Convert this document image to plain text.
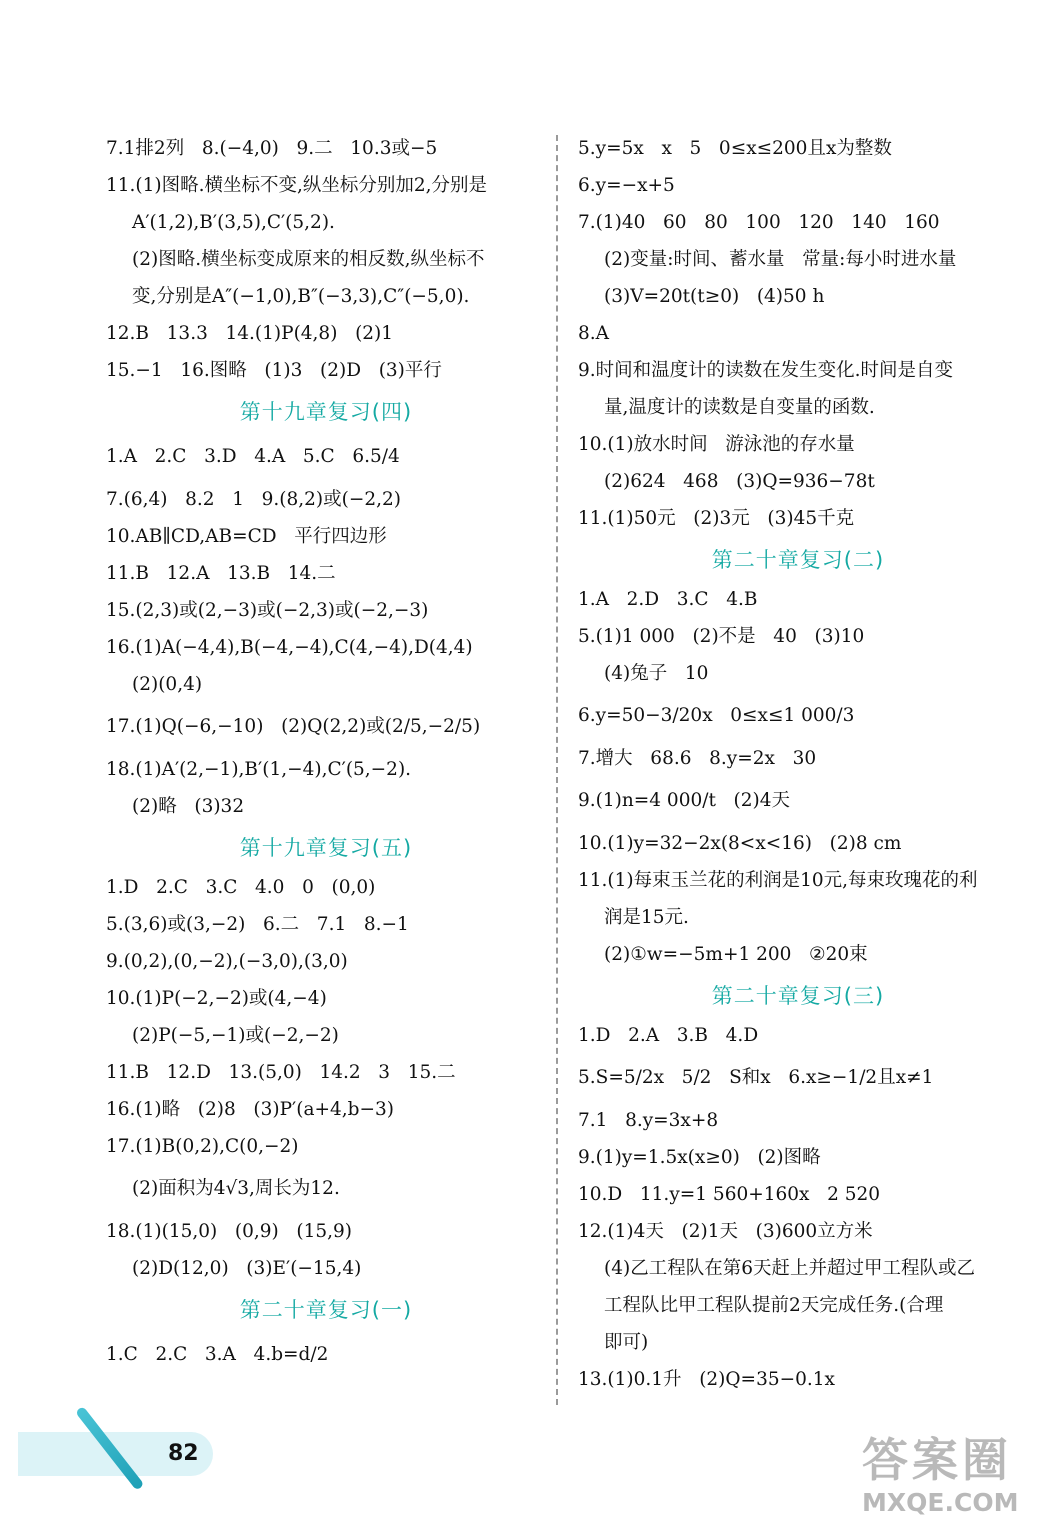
7.1排2列   8.(−4,0)   9.二   10.3或−5
11.(1)图略.横坐标不变,纵坐标分别加2,分别是
A′(1,2),B′(3,5),C′(5,2).
(2)图略.横坐标变成原来的相反数,纵坐标不
变,分别是A″(−1,0),B″(−3,3),C″(−5,0).
12.B   13.3   14.(1)P(4,8)   (2)1
15.−1   16.图略   (1)3   (2)D   (3)平行
第十九章复习(四)
1.A   2.C   3.D   4.A   5.C   6.5/4
7.(6,4)   8.2   1   9.(8,2)或(−2,2)
10.AB∥CD,AB=CD   平行四边形
11.B   12.A   13.B   14.二
15.(2,3)或(2,−3)或(−2,3)或(−2,−3)
16.(1)A(−4,4),B(−4,−4),C(4,−4),D(4,4)
(2)(0,4)
17.(1)Q(−6,−10)   (2)Q(2,2)或(2/5,−2/5)
18.(1)A′(2,−1),B′(1,−4),C′(5,−2).
(2)略   (3)32
第十九章复习(五)
1.D   2.C   3.C   4.0   0   (0,0)
5.(3,6)或(3,−2)   6.二   7.1   8.−1
9.(0,2),(0,−2),(−3,0),(3,0)
10.(1)P(−2,−2)或(4,−4)
(2)P(−5,−1)或(−2,−2)
11.B   12.D   13.(5,0)   14.2   3   15.二
16.(1)略   (2)8   (3)P′(a+4,b−3)
17.(1)B(0,2),C(0,−2)
(2)面积为4√3,周长为12.
18.(1)(15,0)   (0,9)   (15,9)
(2)D(12,0)   (3)E′(−15,4)
第二十章复习(一)
1.C   2.C   3.A   4.b=d/2
5.y=5x   x   5   0≤x≤200且x为整数
6.y=−x+5
7.(1)40   60   80   100   120   140   160
(2)变量:时间、蓄水量   常量:每小时进水量
(3)V=20t(t≥0)   (4)50 h
8.A
9.时间和温度计的读数在发生变化.时间是自变
量,温度计的读数是自变量的函数.
10.(1)放水时间   游泳池的存水量
(2)624   468   (3)Q=936−78t
11.(1)50元   (2)3元   (3)45千克
第二十章复习(二)
1.A   2.D   3.C   4.B
5.(1)1 000   (2)不是   40   (3)10
(4)兔子   10
6.y=50−3/20x   0≤x≤1 000/3
7.增大   68.6   8.y=2x   30
9.(1)n=4 000/t   (2)4天
10.(1)y=32−2x(8<x<16)   (2)8 cm
11.(1)每束玉兰花的利润是10元,每束玫瑰花的利
润是15元.
(2)①w=−5m+1 200   ②20束
第二十章复习(三)
1.D   2.A   3.B   4.D
5.S=5/2x   5/2   S和x   6.x≥−1/2且x≠1
7.1   8.y=3x+8
9.(1)y=1.5x(x≥0)   (2)图略
10.D   11.y=1 560+160x   2 520
12.(1)4天   (2)1天   (3)600立方米
(4)乙工程队在第6天赶上并超过甲工程队或乙
工程队比甲工程队提前2天完成任务.(合理
即可)
13.(1)0.1升   (2)Q=35−0.1x
82	答案圈
MXQE.COM
